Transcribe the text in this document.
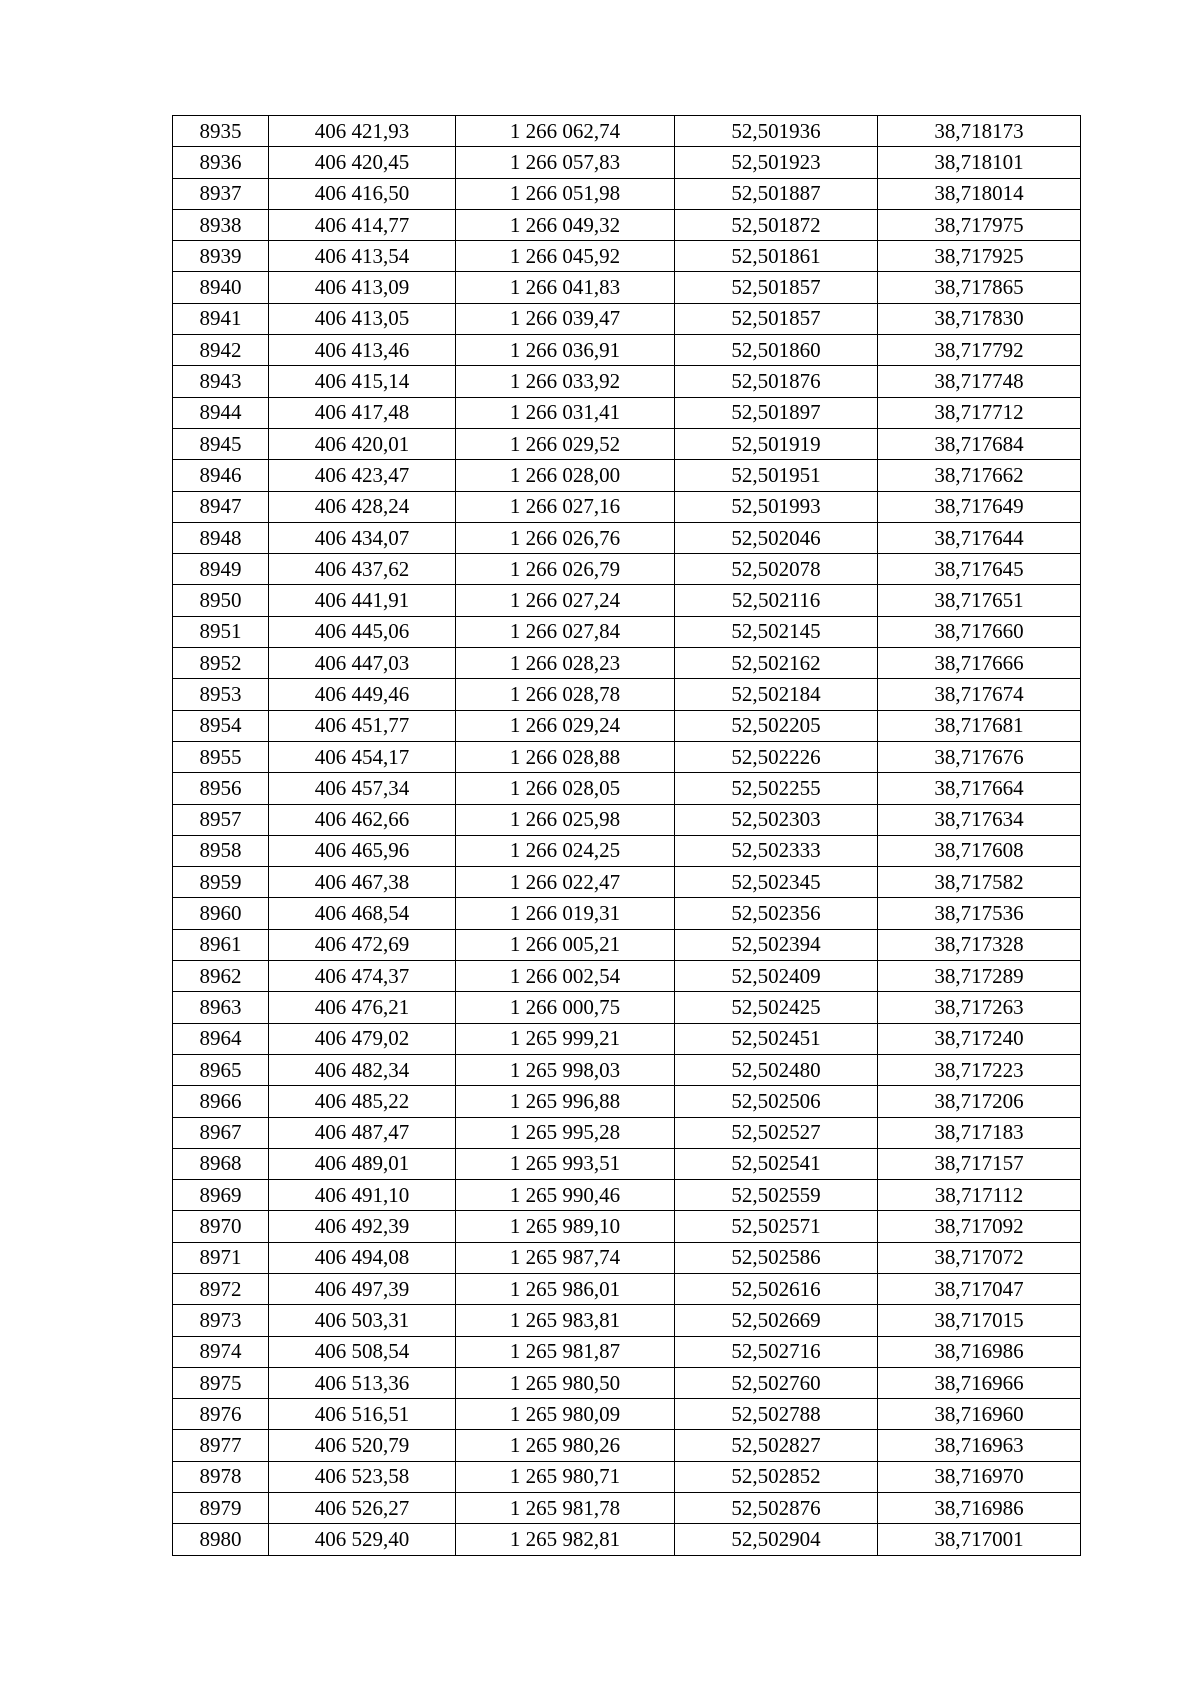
8935	406 421,93	1 266 062,74	52,501936	38,718173
8936	406 420,45	1 266 057,83	52,501923	38,718101
8937	406 416,50	1 266 051,98	52,501887	38,718014
8938	406 414,77	1 266 049,32	52,501872	38,717975
8939	406 413,54	1 266 045,92	52,501861	38,717925
8940	406 413,09	1 266 041,83	52,501857	38,717865
8941	406 413,05	1 266 039,47	52,501857	38,717830
8942	406 413,46	1 266 036,91	52,501860	38,717792
8943	406 415,14	1 266 033,92	52,501876	38,717748
8944	406 417,48	1 266 031,41	52,501897	38,717712
8945	406 420,01	1 266 029,52	52,501919	38,717684
8946	406 423,47	1 266 028,00	52,501951	38,717662
8947	406 428,24	1 266 027,16	52,501993	38,717649
8948	406 434,07	1 266 026,76	52,502046	38,717644
8949	406 437,62	1 266 026,79	52,502078	38,717645
8950	406 441,91	1 266 027,24	52,502116	38,717651
8951	406 445,06	1 266 027,84	52,502145	38,717660
8952	406 447,03	1 266 028,23	52,502162	38,717666
8953	406 449,46	1 266 028,78	52,502184	38,717674
8954	406 451,77	1 266 029,24	52,502205	38,717681
8955	406 454,17	1 266 028,88	52,502226	38,717676
8956	406 457,34	1 266 028,05	52,502255	38,717664
8957	406 462,66	1 266 025,98	52,502303	38,717634
8958	406 465,96	1 266 024,25	52,502333	38,717608
8959	406 467,38	1 266 022,47	52,502345	38,717582
8960	406 468,54	1 266 019,31	52,502356	38,717536
8961	406 472,69	1 266 005,21	52,502394	38,717328
8962	406 474,37	1 266 002,54	52,502409	38,717289
8963	406 476,21	1 266 000,75	52,502425	38,717263
8964	406 479,02	1 265 999,21	52,502451	38,717240
8965	406 482,34	1 265 998,03	52,502480	38,717223
8966	406 485,22	1 265 996,88	52,502506	38,717206
8967	406 487,47	1 265 995,28	52,502527	38,717183
8968	406 489,01	1 265 993,51	52,502541	38,717157
8969	406 491,10	1 265 990,46	52,502559	38,717112
8970	406 492,39	1 265 989,10	52,502571	38,717092
8971	406 494,08	1 265 987,74	52,502586	38,717072
8972	406 497,39	1 265 986,01	52,502616	38,717047
8973	406 503,31	1 265 983,81	52,502669	38,717015
8974	406 508,54	1 265 981,87	52,502716	38,716986
8975	406 513,36	1 265 980,50	52,502760	38,716966
8976	406 516,51	1 265 980,09	52,502788	38,716960
8977	406 520,79	1 265 980,26	52,502827	38,716963
8978	406 523,58	1 265 980,71	52,502852	38,716970
8979	406 526,27	1 265 981,78	52,502876	38,716986
8980	406 529,40	1 265 982,81	52,502904	38,717001
